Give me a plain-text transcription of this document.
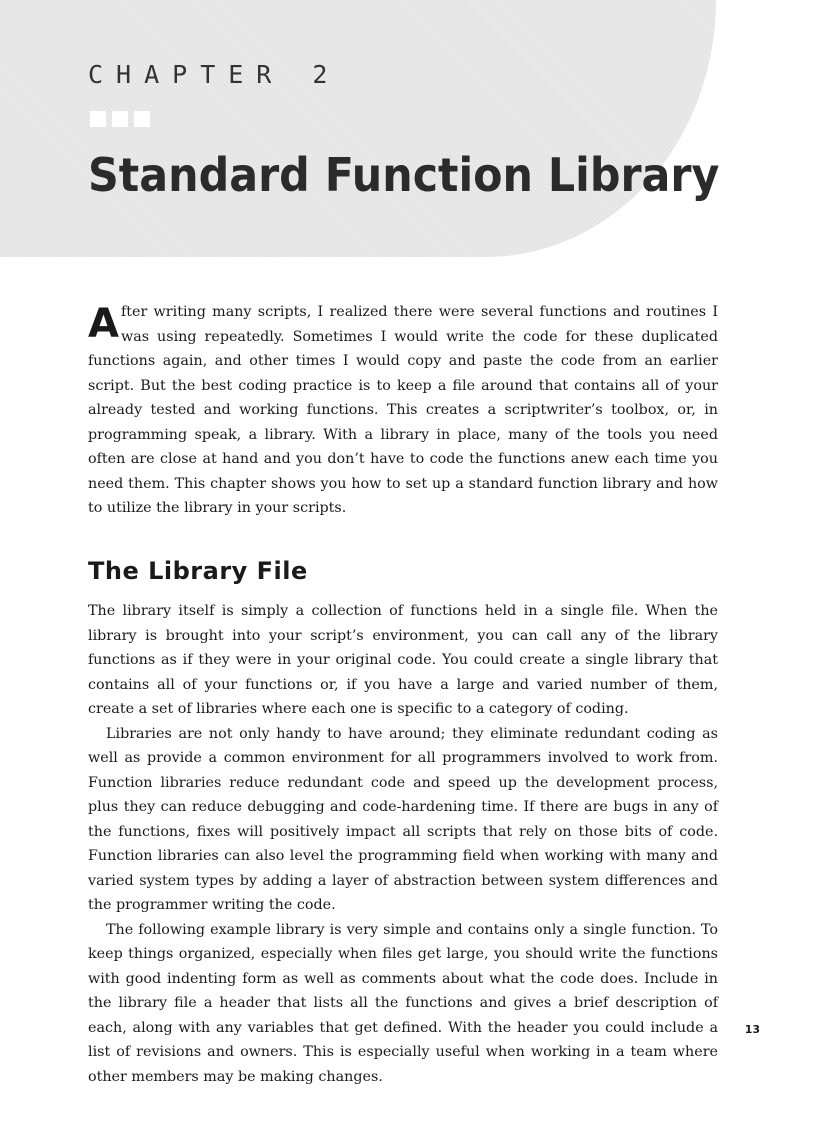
CHAPTER 2
Standard Function Library

After writing many scripts, I realized there were several functions and routines I was using repeatedly. Sometimes I would write the code for these duplicated functions again, and other times I would copy and paste the code from an earlier script. But the best coding practice is to keep a file around that contains all of your already tested and working functions. This creates a scriptwriter’s toolbox, or, in programming speak, a library. With a library in place, many of the tools you need often are close at hand and you don’t have to code the functions anew each time you need them. This chapter shows you how to set up a standard function library and how to utilize the library in your scripts.

The Library File

The library itself is simply a collection of functions held in a single file. When the library is brought into your script’s environment, you can call any of the library functions as if they were in your original code. You could create a single library that contains all of your functions or, if you have a large and varied number of them, create a set of libraries where each one is specific to a category of coding.

Libraries are not only handy to have around; they eliminate redundant coding as well as provide a common environment for all programmers involved to work from. Function libraries reduce redundant code and speed up the development process, plus they can reduce debugging and code-hardening time. If there are bugs in any of the functions, fixes will positively impact all scripts that rely on those bits of code. Function libraries can also level the programming field when working with many and varied system types by adding a layer of abstraction between system differences and the programmer writing the code.

The following example library is very simple and contains only a single function. To keep things organized, especially when files get large, you should write the functions with good indenting form as well as comments about what the code does. Include in the library file a header that lists all the functions and gives a brief description of each, along with any variables that get defined. With the header you could include a list of revisions and owners. This is especially useful when working in a team where other members may be making changes.

13
